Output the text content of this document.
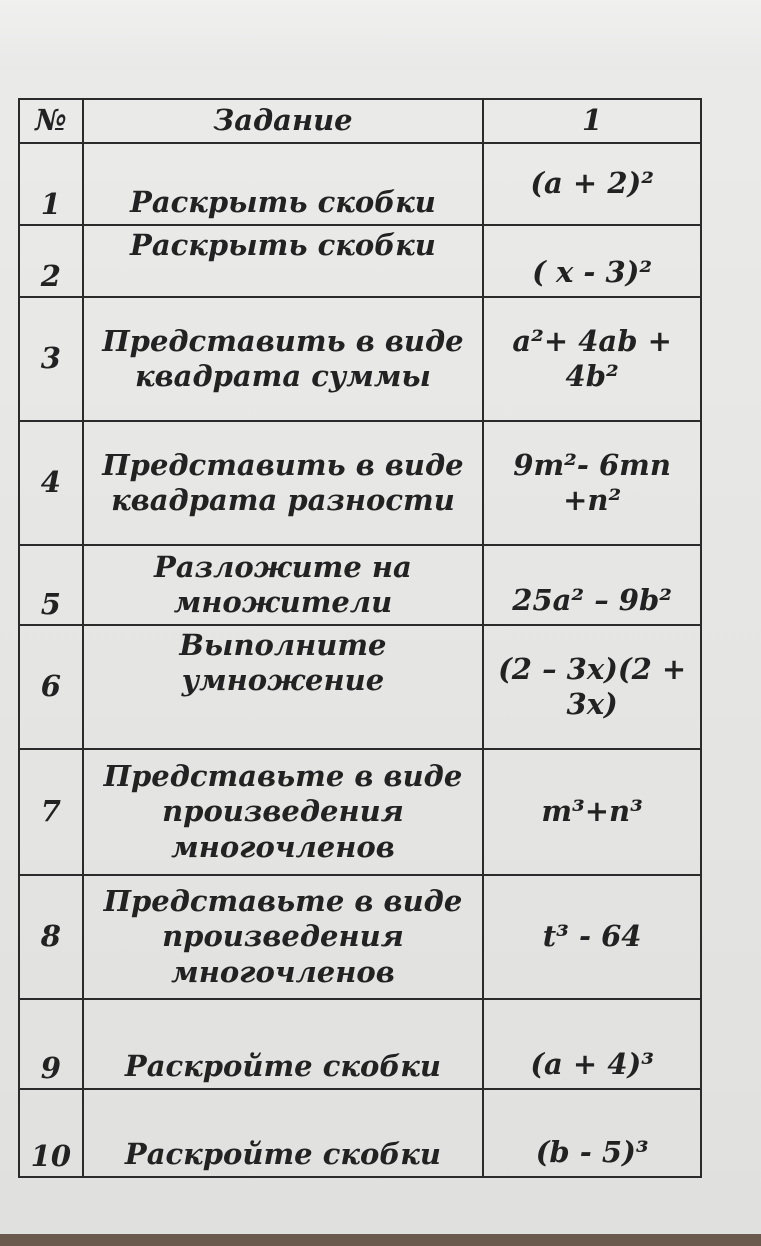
№	Задание	1
1	Раскрыть скобки	(a + 2)²
2	Раскрыть скобки	( x - 3)²
3	Представить в виде квадрата суммы	a²+ 4ab +
4b²
4	Представить в виде квадрата разности	9m²- 6mn
+n²
5	Разложите на множители	25a² – 9b²
6	Выполните умножение	(2 – 3x)(2 +
3x)
7	Представьте в виде произведения многочленов	m³+n³
8	Представьте в виде произведения многочленов	t³ - 64
9	Раскройте скобки	(a + 4)³
10	Раскройте скобки	(b - 5)³
